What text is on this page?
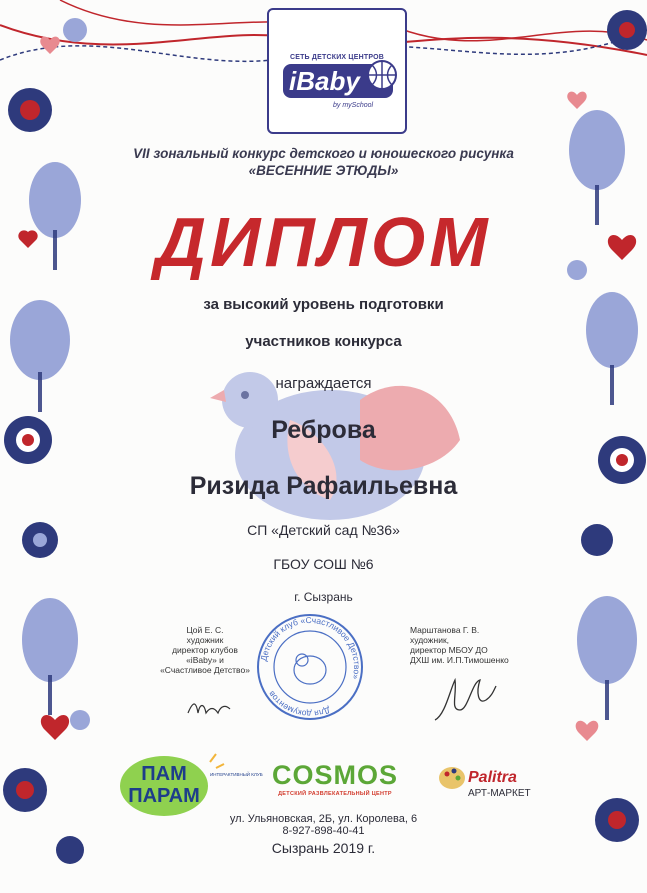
СЕТЬ ДЕТСКИХ ЦЕНТРОВ
iBaby
by mySchool
VII зональный конкурс детского и юношеского рисунка
«ВЕСЕННИЕ ЭТЮДЫ»
ДИПЛОМ
за высокий уровень подготовки
участников конкурса
награждается
Реброва
Ризида Рафаильевна
СП «Детский сад №36»
ГБОУ СОШ №6
г. Сызрань
Цой Е. С.
художник
директор клубов
«iBaby» и
«Счастливое Детство»
Марштанова Г. В.
художник,
директор МБОУ ДО
ДХШ им. И.П.Тимошенко
Детский клуб «Счастливое Детство»
Для документов
ПАМ
ПАРАМ
ИНТЕРАКТИВНЫЙ КЛУБ COSMOS
ДЕТСКИЙ РАЗВЛЕКАТЕЛЬНЫЙ ЦЕНТР
Palitra
АРТ-МАРКЕТ
ул. Ульяновская, 2Б, ул. Королева, 6
8-927-898-40-41
Сызрань 2019 г.
